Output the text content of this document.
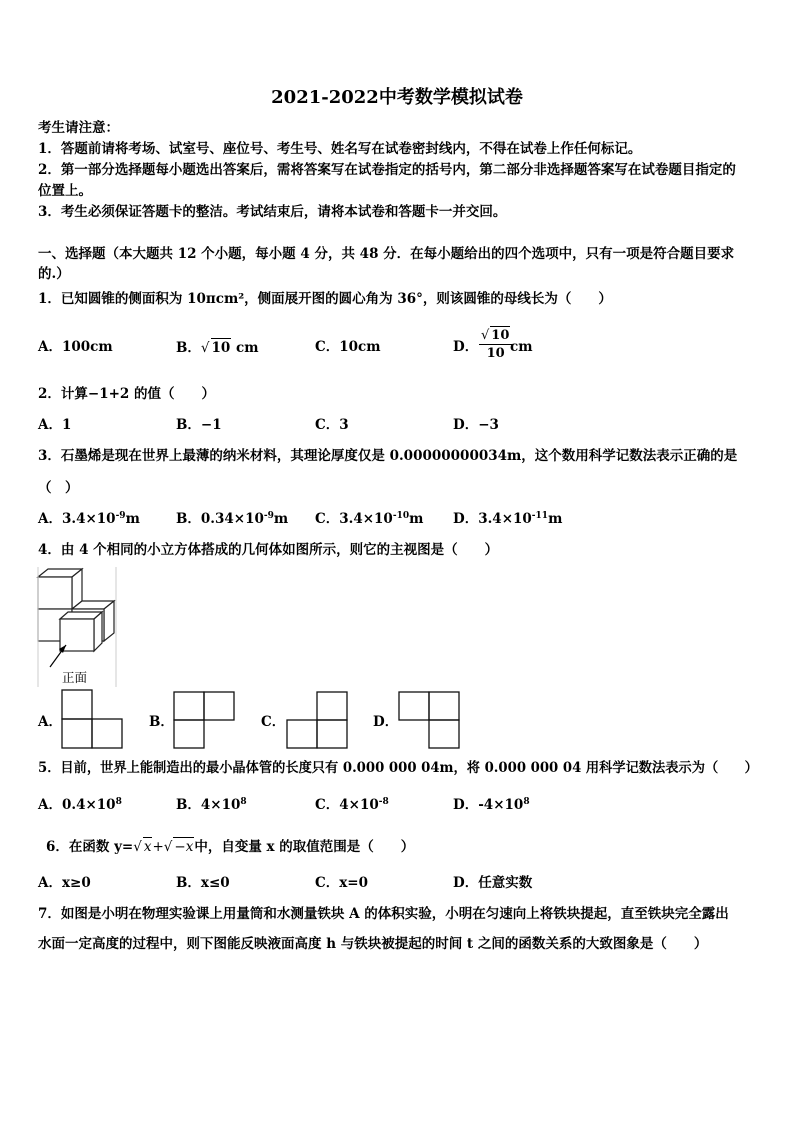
2021-2022中考数学模拟试卷
考生请注意：
1．答题前请将考场、试室号、座位号、考生号、姓名写在试卷密封线内，不得在试卷上作任何标记。
2．第一部分选择题每小题选出答案后，需将答案写在试卷指定的括号内，第二部分非选择题答案写在试卷题目指定的
位置上。
3．考生必须保证答题卡的整洁。考试结束后，请将本试卷和答题卡一并交回。
一、选择题（本大题共 12 个小题，每小题 4 分，共 48 分．在每小题给出的四个选项中，只有一项是符合题目要求
的.）
1．已知圆锥的侧面积为 10πcm²，侧面展开图的圆心角为 36°，则该圆锥的母线长为（　　）
A．100cm	B．√ 10 cm	C．10cm	D． $\frac{√ 10}{10}$
cm
2．计算−1+2 的值（　　）
A．1	B．−1	C．3	D．−3
3．石墨烯是现在世界上最薄的纳米材料，其理论厚度仅是 0.00000000034m，这个数用科学记数法表示正确的是
（　）
A．$3.4\times 10^{-9}m$	B．$0.34\times 10^{-9}m$ C．$3.4\times 10^{-10}m$ D．$3.4\times 10^{-11}m$
4．由 4 个相同的小立方体搭成的几何体如图所示，则它的主视图是（　　）
正面
A．	B．	C．	D．
5．目前，世界上能制造出的最小晶体管的长度只有 0.000 000 04m，将 0.000 000 04 用科学记数法表示为（　　）
A．$0.4\times 10^8$	B．$4\times 10^8$	C．$4\times 10^{-8}$	D．$-4\times 10^8$
6．在函数 y=√ x+√ −x中，自变量 x 的取值范围是（　　）
A．x≥0	B．x≤0	C．x=0	D．任意实数
7．如图是小明在物理实验课上用量筒和水测量铁块 A 的体积实验，小明在匀速向上将铁块提起，直至铁块完全露出
水面一定高度的过程中，则下图能反映液面高度 h 与铁块被提起的时间 t 之间的函数关系的大致图象是（　　）
